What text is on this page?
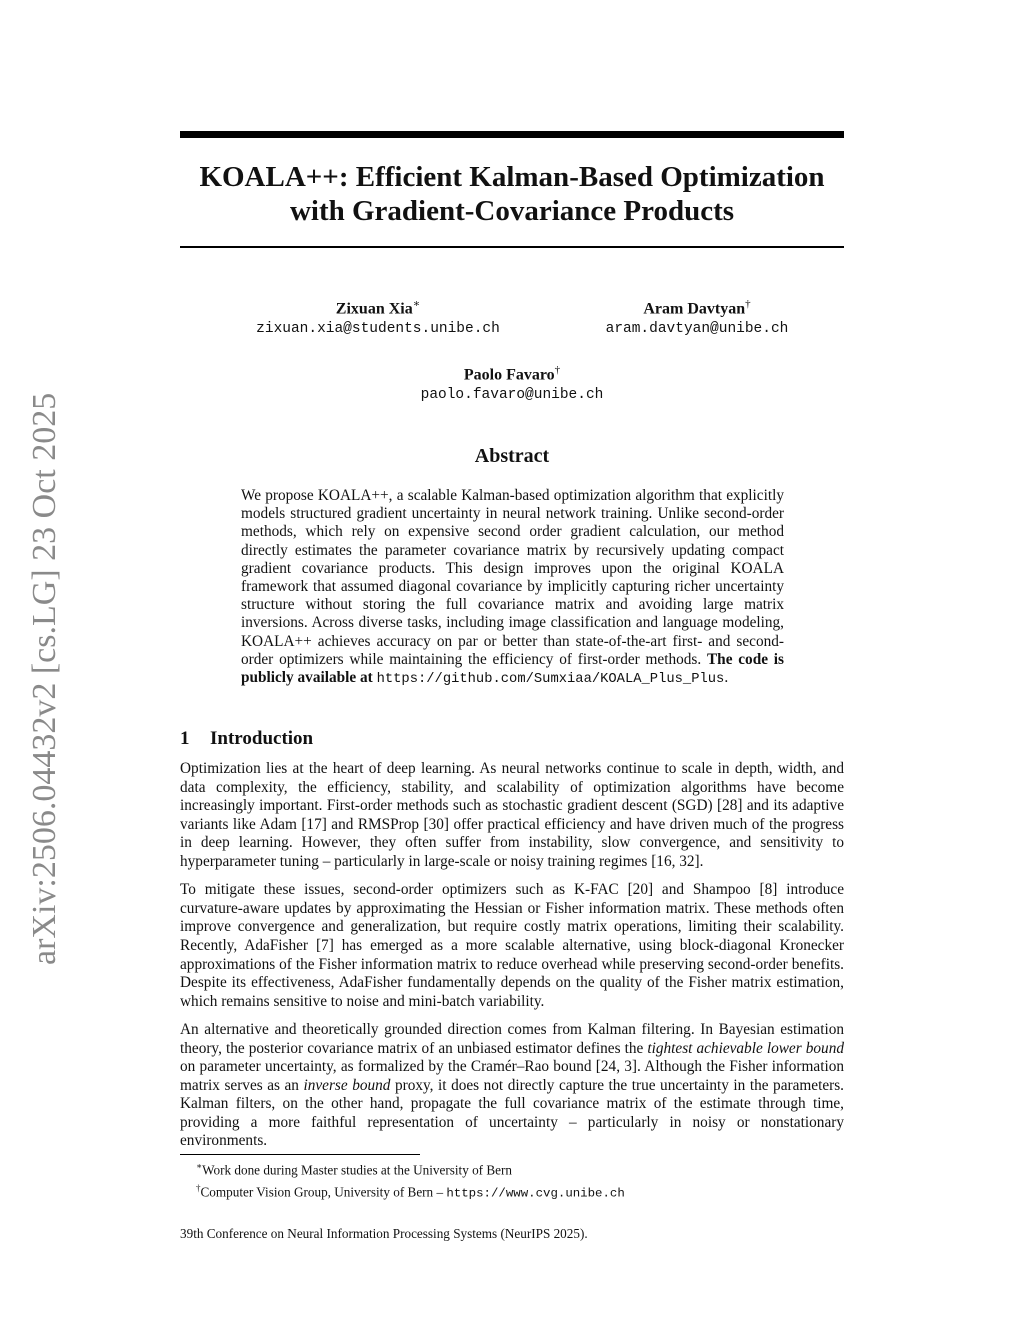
arXiv:2506.04432v2 [cs.LG] 23 Oct 2025
KOALA++: Efficient Kalman-Based Optimization
with Gradient-Covariance Products
Zixuan Xia∗
zixuan.xia@students.unibe.ch
Aram Davtyan†
aram.davtyan@unibe.ch
Paolo Favaro†
paolo.favaro@unibe.ch
Abstract
We propose KOALA++, a scalable Kalman-based optimization algorithm that explicitly models structured gradient uncertainty in neural network training. Unlike second-order methods, which rely on expensive second order gradient calculation, our method directly estimates the parameter covariance matrix by recursively updating compact gradient covariance products. This design improves upon the original KOALA framework that assumed diagonal covariance by implicitly capturing richer uncertainty structure without storing the full covariance matrix and avoiding large matrix inversions. Across diverse tasks, including image classification and language modeling, KOALA++ achieves accuracy on par or better than state-of-the-art first- and second-order optimizers while maintaining the efficiency of first-order methods. The code is publicly available at https://github.com/Sumxiaa/KOALA_Plus_Plus.
1 Introduction

Optimization lies at the heart of deep learning. As neural networks continue to scale in depth, width, and data complexity, the efficiency, stability, and scalability of optimization algorithms have become increasingly important. First-order methods such as stochastic gradient descent (SGD) [28] and its adaptive variants like Adam [17] and RMSProp [30] offer practical efficiency and have driven much of the progress in deep learning. However, they often suffer from instability, slow convergence, and sensitivity to hyperparameter tuning – particularly in large-scale or noisy training regimes [16, 32].

To mitigate these issues, second-order optimizers such as K-FAC [20] and Shampoo [8] introduce curvature-aware updates by approximating the Hessian or Fisher information matrix. These methods often improve convergence and generalization, but require costly matrix operations, limiting their scalability. Recently, AdaFisher [7] has emerged as a more scalable alternative, using block-diagonal Kronecker approximations of the Fisher information matrix to reduce overhead while preserving second-order benefits. Despite its effectiveness, AdaFisher fundamentally depends on the quality of the Fisher matrix estimation, which remains sensitive to noise and mini-batch variability.

An alternative and theoretically grounded direction comes from Kalman filtering. In Bayesian estimation theory, the posterior covariance matrix of an unbiased estimator defines the tightest achievable lower bound on parameter uncertainty, as formalized by the Cramér–Rao bound [24, 3]. Although the Fisher information matrix serves as an inverse bound proxy, it does not directly capture the true uncertainty in the parameters. Kalman filters, on the other hand, propagate the full covariance matrix of the estimate through time, providing a more faithful representation of uncertainty – particularly in noisy or nonstationary environments.

∗Work done during Master studies at the University of Bern
†Computer Vision Group, University of Bern – https://www.cvg.unibe.ch
39th Conference on Neural Information Processing Systems (NeurIPS 2025).
